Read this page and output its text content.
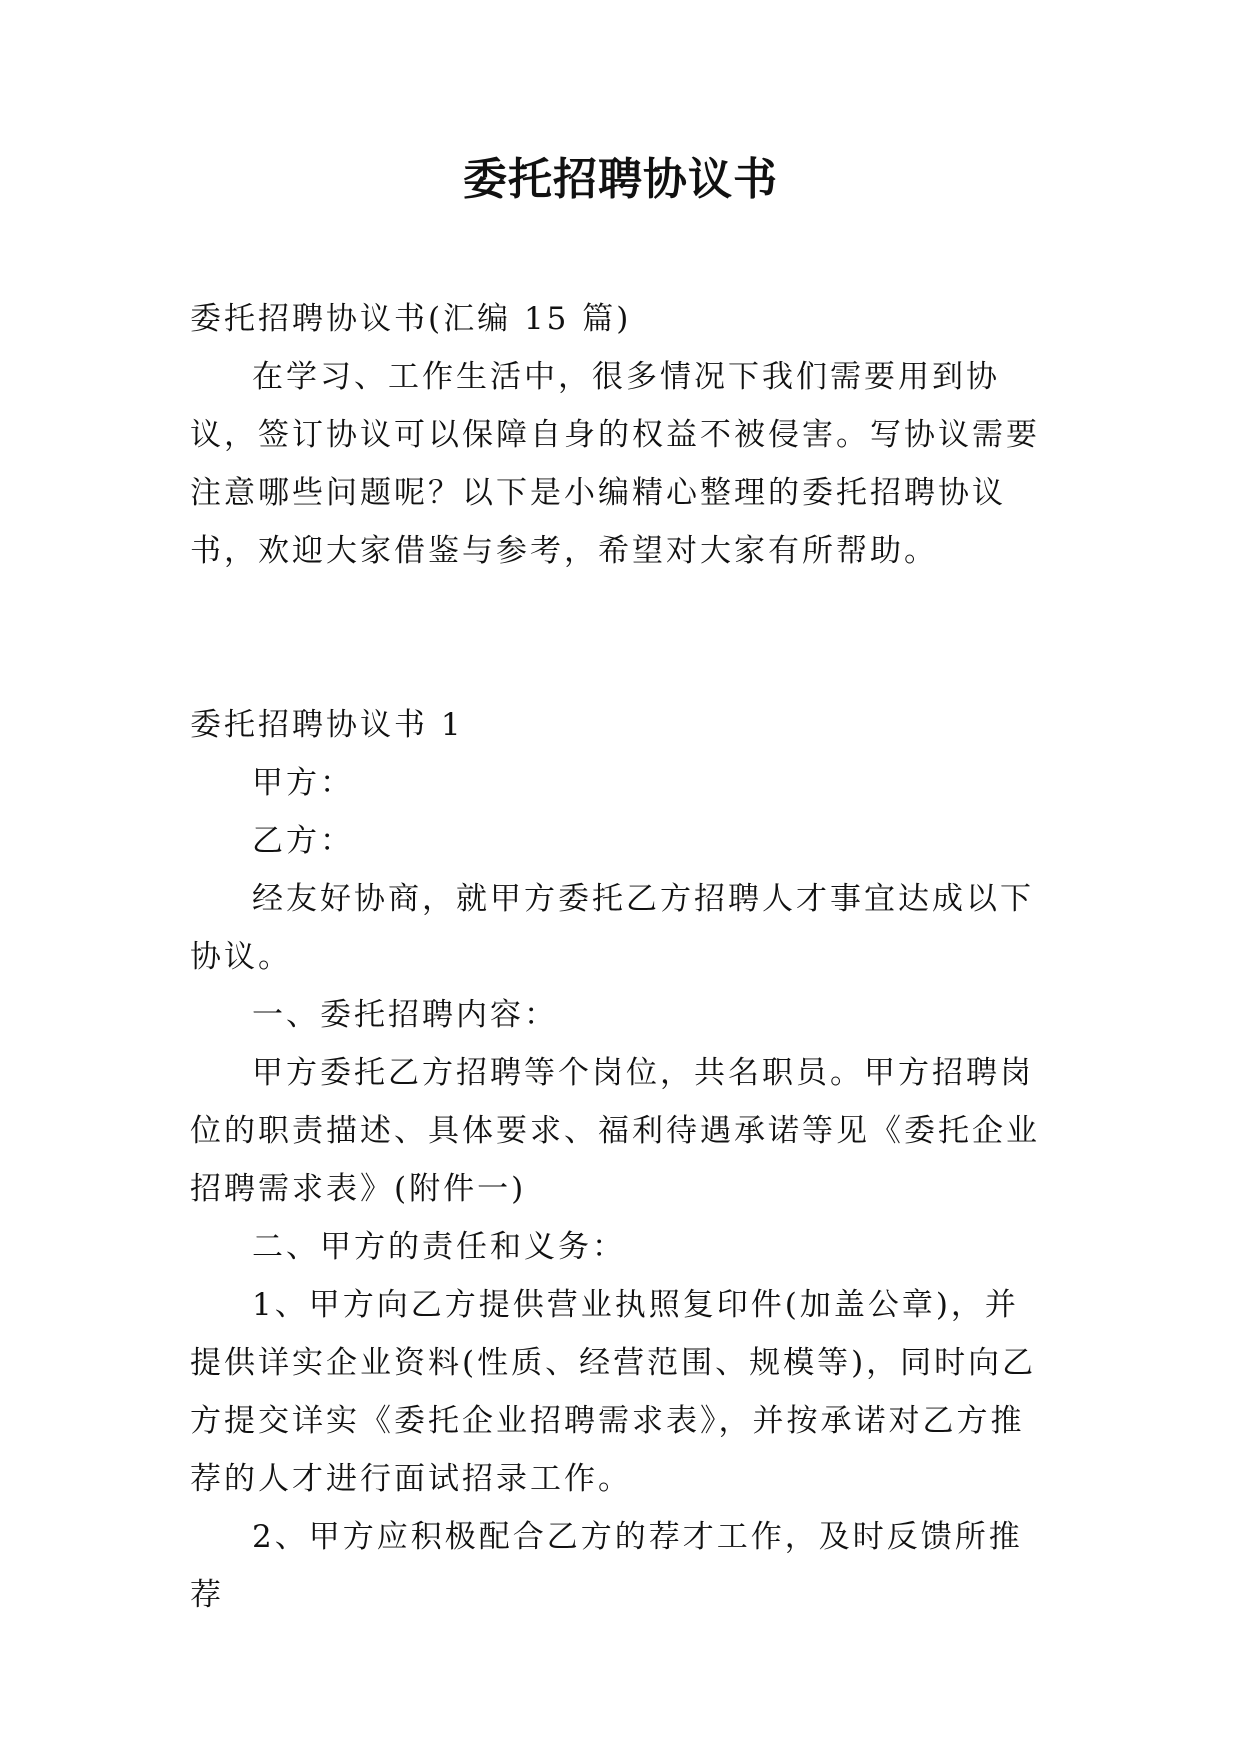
委托招聘协议书

委托招聘协议书(汇编 15 篇)

在学习、工作生活中，很多情况下我们需要用到协议，签订协议可以保障自身的权益不被侵害。写协议需要注意哪些问题呢？以下是小编精心整理的委托招聘协议书，欢迎大家借鉴与参考，希望对大家有所帮助。

委托招聘协议书 1

甲方：

乙方：

经友好协商，就甲方委托乙方招聘人才事宜达成以下协议。

一、委托招聘内容：

甲方委托乙方招聘等个岗位，共名职员。甲方招聘岗位的职责描述、具体要求、福利待遇承诺等见《委托企业招聘需求表》(附件一)

二、甲方的责任和义务：

1、甲方向乙方提供营业执照复印件(加盖公章)，并提供详实企业资料(性质、经营范围、规模等)，同时向乙方提交详实《委托企业招聘需求表》，并按承诺对乙方推荐的人才进行面试招录工作。

2、甲方应积极配合乙方的荐才工作，及时反馈所推荐
